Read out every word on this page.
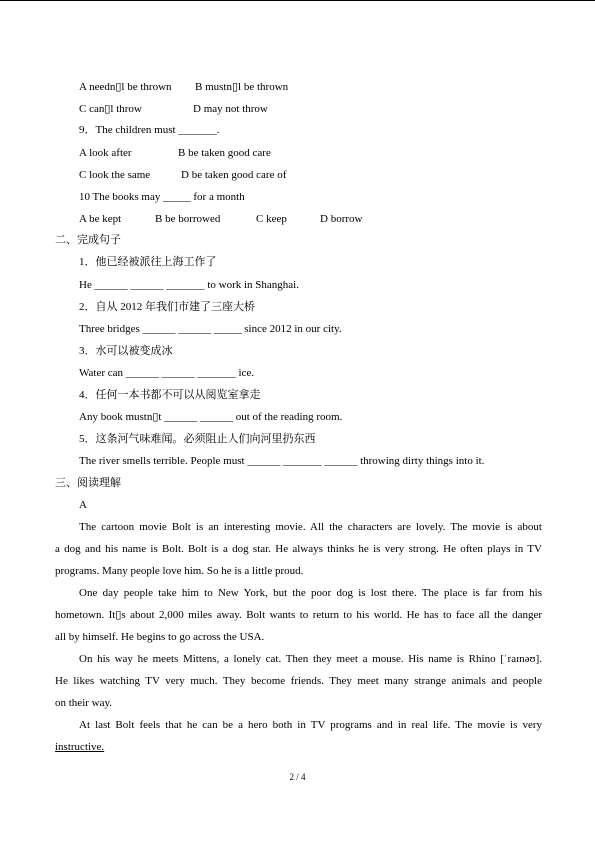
A needn▯l be thrown B mustn▯l be thrown
C can▯l throw	D may not throw
9．The children must _______.
A look after	B be taken good care
C look the same	D be taken good care of
10 The books may _____ for a month
A be kept	B be borrowed	C keep	D borrow
二、完成句子
1．他已经被派往上海工作了
He ______ ______ _______ to work in Shanghai.
2．自从 2012 年我们市建了三座大桥
Three bridges ______ ______ _____ since 2012 in our city.
3．水可以被变成冰
Water can ______ ______ _______ ice.
4．任何一本书都不可以从阅览室拿走
Any book mustn▯t ______ ______ out of the reading room.
5．这条河气味难闻。必须阻止人们向河里扔东西
The river smells terrible. People must ______ _______ ______ throwing dirty things into it.
三、阅读理解
A
The cartoon movie Bolt is an interesting movie. All the characters are lovely. The movie is about
a dog and his name is Bolt. Bolt is a dog star. He always thinks he is very strong. He often plays in TV
programs. Many people love him. So he is a little proud.
One day people take him to New York, but the poor dog is lost there. The place is far from his
hometown. It▯s about 2,000 miles away. Bolt wants to return to his world. He has to face all the danger
all by himself. He begins to go across the USA.
On his way he meets Mittens, a lonely cat. Then they meet a mouse. His name is Rhino [ˈraɪnəʊ].
He likes watching TV very much. They become friends. They meet many strange animals and people
on their way.
At last Bolt feels that he can be a hero both in TV programs and in real life. The movie is very
instructive.
2 / 4
